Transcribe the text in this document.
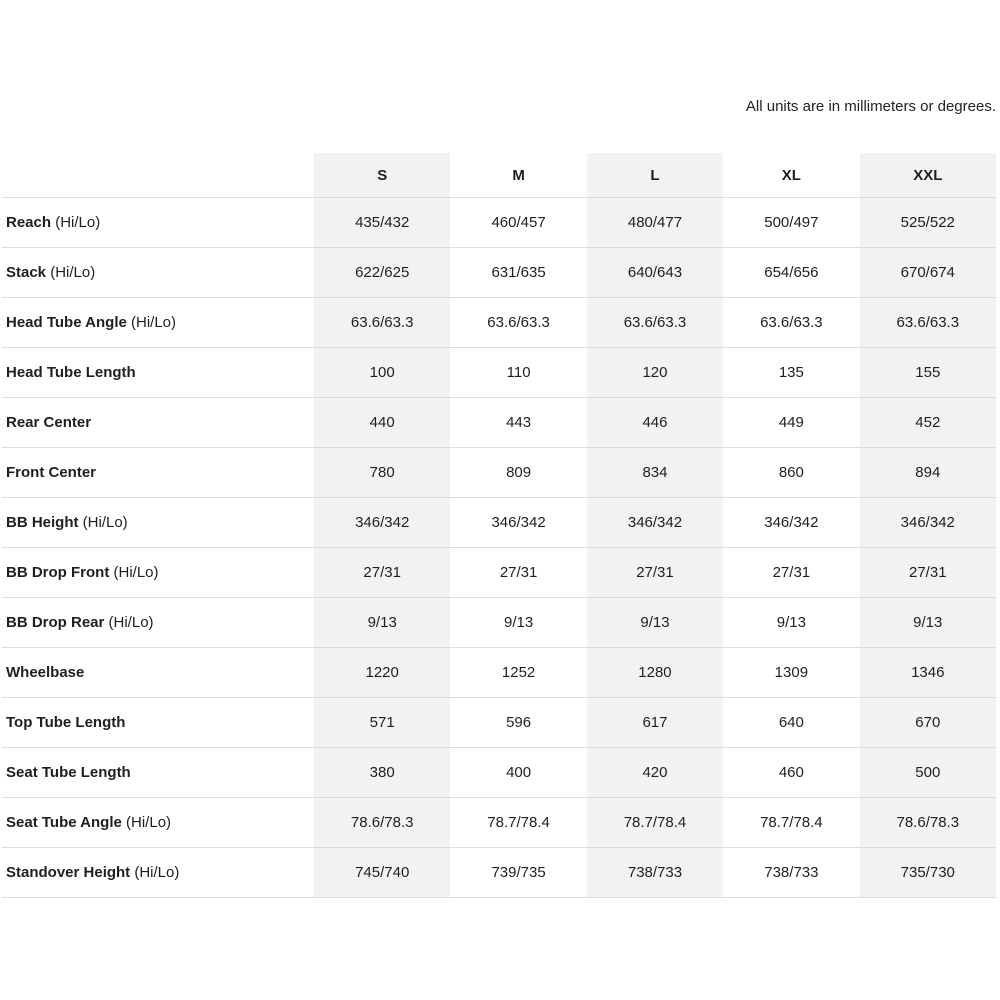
All units are in millimeters or degrees.
	S	M	L	XL	XXL
Reach (Hi/Lo)	435/432	460/457	480/477	500/497	525/522
Stack (Hi/Lo)	622/625	631/635	640/643	654/656	670/674
Head Tube Angle (Hi/Lo)	63.6/63.3	63.6/63.3	63.6/63.3	63.6/63.3	63.6/63.3
Head Tube Length	100	110	120	135	155
Rear Center	440	443	446	449	452
Front Center	780	809	834	860	894
BB Height (Hi/Lo)	346/342	346/342	346/342	346/342	346/342
BB Drop Front (Hi/Lo)	27/31	27/31	27/31	27/31	27/31
BB Drop Rear (Hi/Lo)	9/13	9/13	9/13	9/13	9/13
Wheelbase	1220	1252	1280	1309	1346
Top Tube Length	571	596	617	640	670
Seat Tube Length	380	400	420	460	500
Seat Tube Angle (Hi/Lo)	78.6/78.3	78.7/78.4	78.7/78.4	78.7/78.4	78.6/78.3
Standover Height (Hi/Lo)	745/740	739/735	738/733	738/733	735/730
